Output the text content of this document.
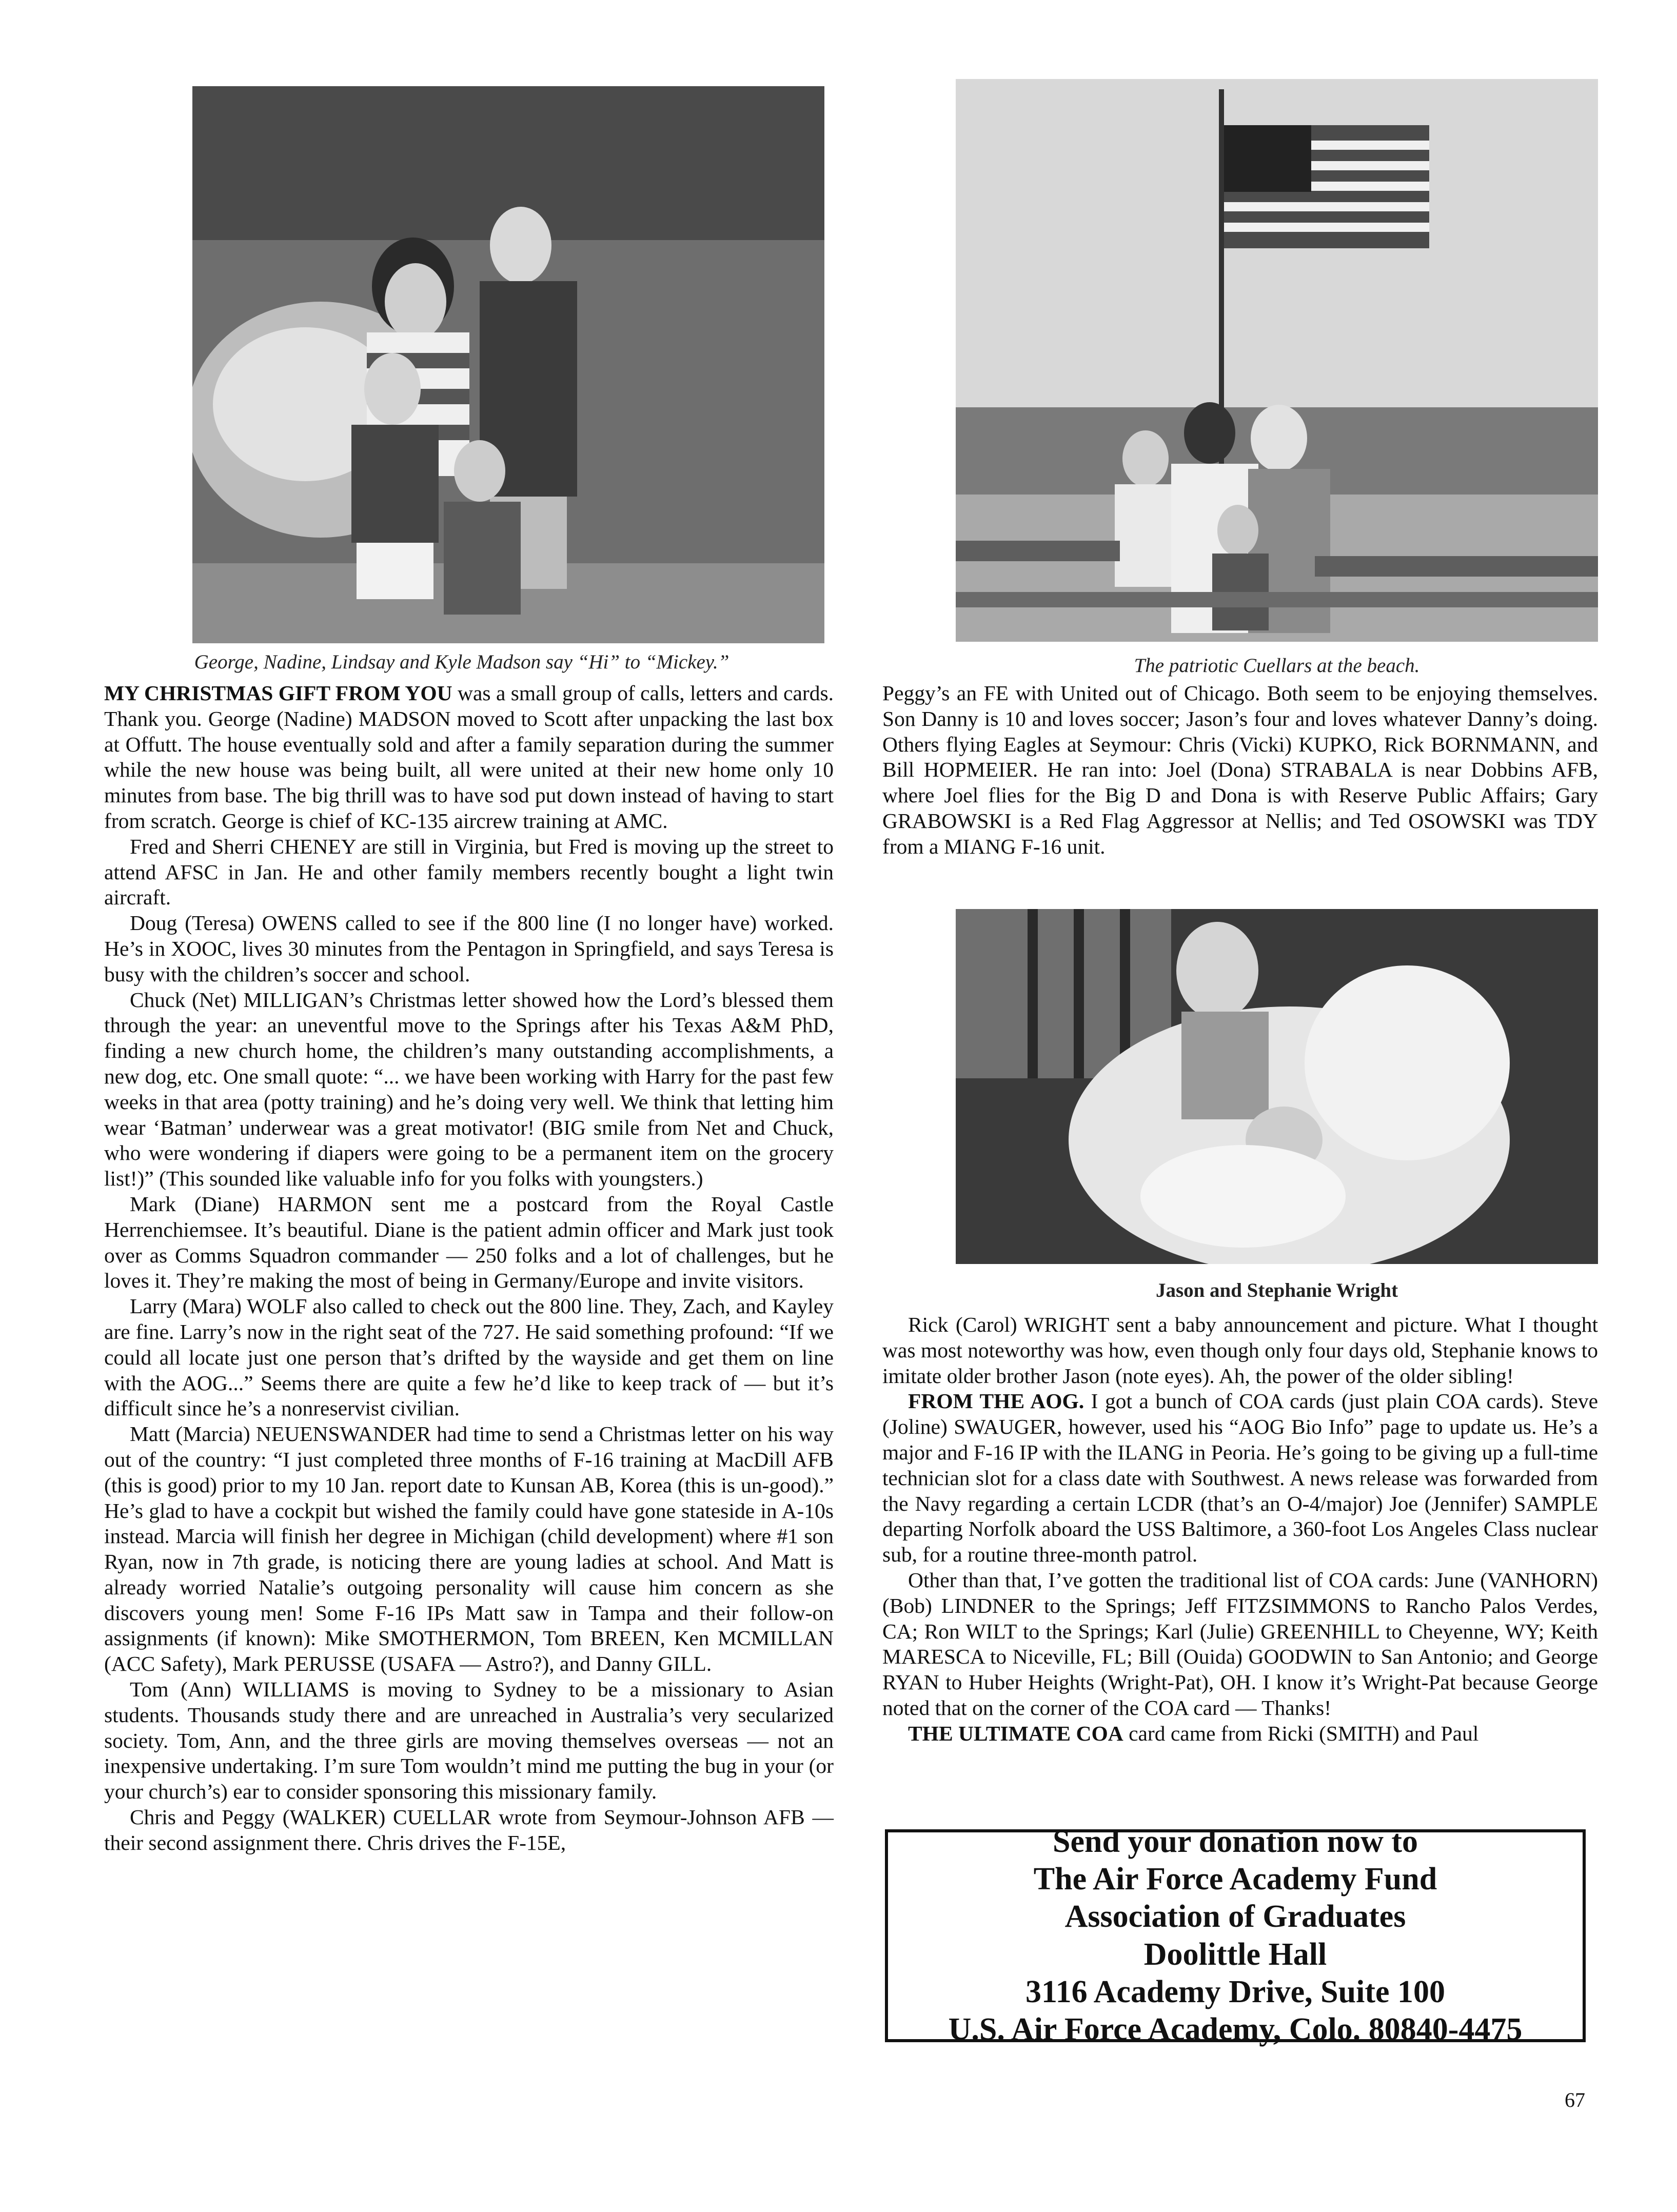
George, Nadine, Lindsay and Kyle Madson say “Hi” to “Mickey.”	The patriotic Cuellars at the beach.

MY CHRISTMAS GIFT FROM YOU was a small group of calls, letters and cards. Thank you. George (Nadine) MADSON moved to Scott after unpacking the last box at Offutt. The house eventually sold and after a family separation during the summer while the new house was being built, all were united at their new home only 10 minutes from base. The big thrill was to have sod put down instead of having to start from scratch. George is chief of KC-135 aircrew training at AMC.

Fred and Sherri CHENEY are still in Virginia, but Fred is moving up the street to attend AFSC in Jan. He and other family members recently bought a light twin aircraft.

Doug (Teresa) OWENS called to see if the 800 line (I no longer have) worked. He’s in XOOC, lives 30 minutes from the Pentagon in Springfield, and says Teresa is busy with the children’s soccer and school.

Chuck (Net) MILLIGAN’s Christmas letter showed how the Lord’s blessed them through the year: an uneventful move to the Springs after his Texas A&M PhD, finding a new church home, the children’s many outstanding accomplishments, a new dog, etc. One small quote: “... we have been working with Harry for the past few weeks in that area (potty training) and he’s doing very well. We think that letting him wear ‘Batman’ underwear was a great motivator! (BIG smile from Net and Chuck, who were wondering if diapers were going to be a permanent item on the grocery list!)” (This sounded like valuable info for you folks with youngsters.)

Mark (Diane) HARMON sent me a postcard from the Royal Castle Herrenchiemsee. It’s beautiful. Diane is the patient admin officer and Mark just took over as Comms Squadron commander — 250 folks and a lot of challenges, but he loves it. They’re making the most of being in Germany/Europe and invite visitors.

Larry (Mara) WOLF also called to check out the 800 line. They, Zach, and Kayley are fine. Larry’s now in the right seat of the 727. He said something profound: “If we could all locate just one person that’s drifted by the wayside and get them on line with the AOG...” Seems there are quite a few he’d like to keep track of — but it’s difficult since he’s a nonreservist civilian.

Matt (Marcia) NEUENSWANDER had time to send a Christmas letter on his way out of the country: “I just completed three months of F-16 training at MacDill AFB (this is good) prior to my 10 Jan. report date to Kunsan AB, Korea (this is un-good).” He’s glad to have a cockpit but wished the family could have gone stateside in A-10s instead. Marcia will finish her degree in Michigan (child development) where #1 son Ryan, now in 7th grade, is noticing there are young ladies at school. And Matt is already worried Natalie’s outgoing personality will cause him concern as she discovers young men! Some F-16 IPs Matt saw in Tampa and their follow-on assignments (if known): Mike SMOTHERMON, Tom BREEN, Ken MCMILLAN (ACC Safety), Mark PERUSSE (USAFA — Astro?), and Danny GILL.

Tom (Ann) WILLIAMS is moving to Sydney to be a missionary to Asian students. Thousands study there and are unreached in Australia’s very secularized society. Tom, Ann, and the three girls are moving themselves overseas — not an inexpensive undertaking. I’m sure Tom wouldn’t mind me putting the bug in your (or your church’s) ear to consider sponsoring this missionary family.

Chris and Peggy (WALKER) CUELLAR wrote from Seymour-Johnson AFB — their second assignment there. Chris drives the F-15E,

Peggy’s an FE with United out of Chicago. Both seem to be enjoying themselves. Son Danny is 10 and loves soccer; Jason’s four and loves whatever Danny’s doing. Others flying Eagles at Seymour: Chris (Vicki) KUPKO, Rick BORNMANN, and Bill HOPMEIER. He ran into: Joel (Dona) STRABALA is near Dobbins AFB, where Joel flies for the Big D and Dona is with Reserve Public Affairs; Gary GRABOWSKI is a Red Flag Aggressor at Nellis; and Ted OSOWSKI was TDY from a MIANG F-16 unit.

Jason and Stephanie Wright

Rick (Carol) WRIGHT sent a baby announcement and picture. What I thought was most noteworthy was how, even though only four days old, Stephanie knows to imitate older brother Jason (note eyes). Ah, the power of the older sibling!

FROM THE AOG. I got a bunch of COA cards (just plain COA cards). Steve (Joline) SWAUGER, however, used his “AOG Bio Info” page to update us. He’s a major and F-16 IP with the ILANG in Peoria. He’s going to be giving up a full-time technician slot for a class date with Southwest. A news release was forwarded from the Navy regarding a certain LCDR (that’s an O-4/major) Joe (Jennifer) SAMPLE departing Norfolk aboard the USS Baltimore, a 360-foot Los Angeles Class nuclear sub, for a routine three-month patrol.

Other than that, I’ve gotten the traditional list of COA cards: June (VANHORN) (Bob) LINDNER to the Springs; Jeff FITZSIMMONS to Rancho Palos Verdes, CA; Ron WILT to the Springs; Karl (Julie) GREENHILL to Cheyenne, WY; Keith MARESCA to Niceville, FL; Bill (Ouida) GOODWIN to San Antonio; and George RYAN to Huber Heights (Wright-Pat), OH. I know it’s Wright-Pat because George noted that on the corner of the COA card — Thanks!

THE ULTIMATE COA card came from Ricki (SMITH) and Paul

Send your donation now to
The Air Force Academy Fund
Association of Graduates
Doolittle Hall
3116 Academy Drive, Suite 100
U.S. Air Force Academy, Colo. 80840-4475
67
